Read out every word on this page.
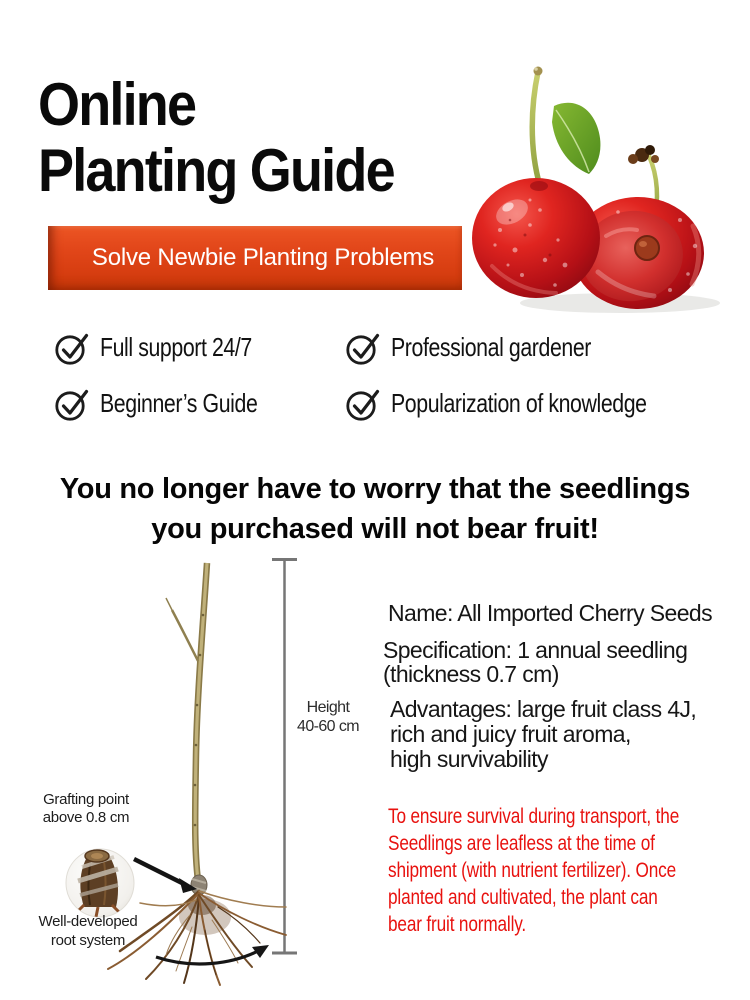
Online
Planting Guide
Solve Newbie Planting Problems
Full support 24/7	Professional gardener
Beginner’s Guide	Popularization of knowledge
You no longer have to worry that the seedlings
you purchased will not bear fruit!
Height
40-60 cm
Grafting point
above 0.8 cm
Well-developed
root system
Name: All Imported Cherry Seeds
Specification: 1 annual seedling
(thickness 0.7 cm)
Advantages: large fruit class 4J,
rich and juicy fruit aroma,
high survivability
To ensure survival during transport, the
Seedlings are leafless at the time of
shipment (with nutrient fertilizer). Once
planted and cultivated, the plant can
bear fruit normally.
